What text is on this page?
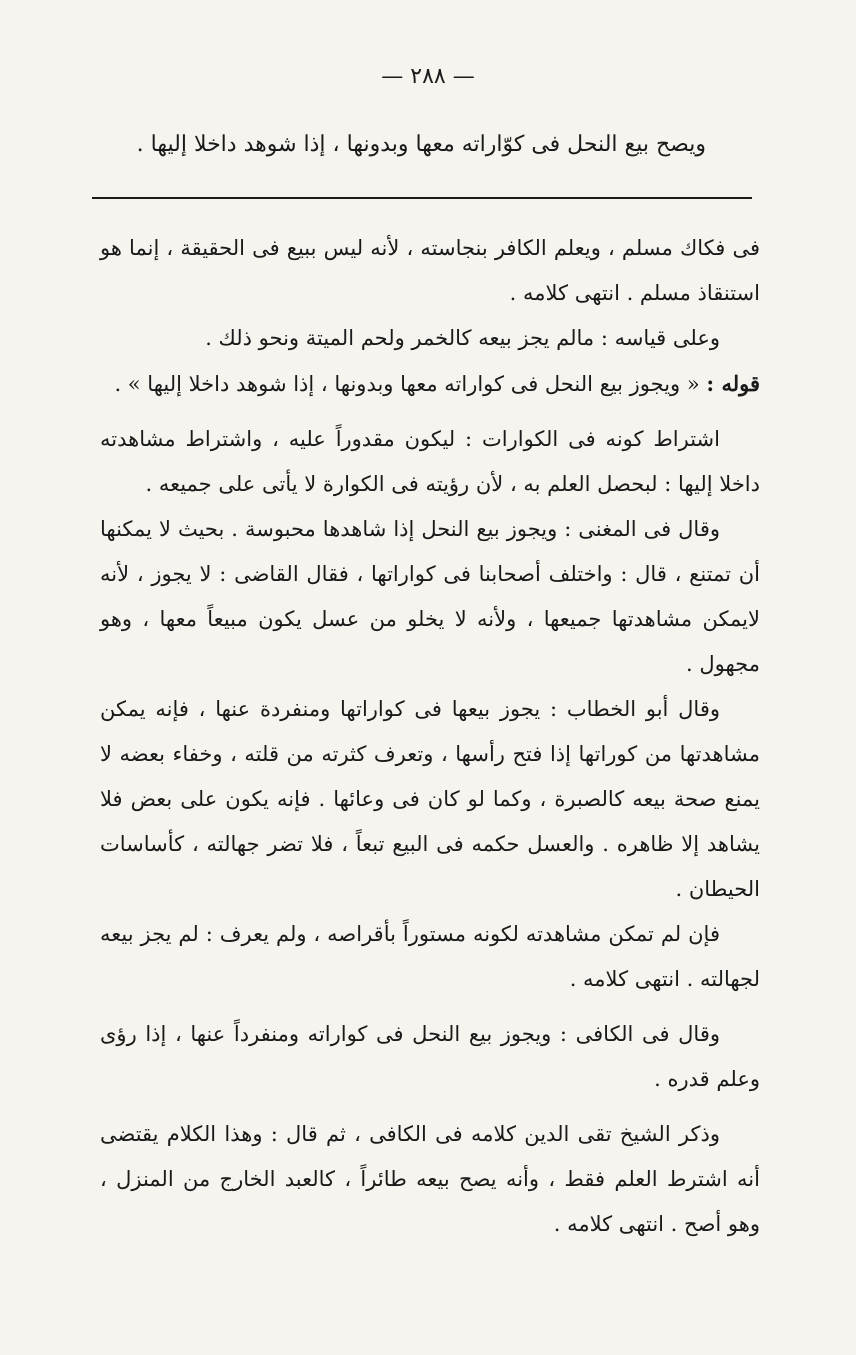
— ٢٨٨ —
ويصح بيع النحل فى كوّاراته معها وبدونها ، إذا شوهد داخلا إليها .

فى فكاك مسلم ، ويعلم الكافر بنجاسته ، لأنه ليس ببيع فى الحقيقة ، إنما هو استنقاذ مسلم . انتهى كلامه .

وعلى قياسه : مالم يجز بيعه كالخمر ولحم الميتة ونحو ذلك .

قوله : « ويجوز بيع النحل فى كواراته معها وبدونها ، إذا شوهد داخلا إليها » .

اشتراط كونه فى الكوارات : ليكون مقدوراً عليه ، واشتراط مشاهدته داخلا إليها : لبحصل العلم به ، لأن رؤيته فى الكوارة لا يأتى على جميعه .

وقال فى المغنى : ويجوز بيع النحل إذا شاهدها محبوسة . بحيث لا يمكنها أن تمتنع ، قال : واختلف أصحابنا فى كواراتها ، فقال القاضى : لا يجوز ، لأنه لايمكن مشاهدتها جميعها ، ولأنه لا يخلو من عسل يكون مبيعاً معها ، وهو مجهول .

وقال أبو الخطاب : يجوز بيعها فى كواراتها ومنفردة عنها ، فإنه يمكن مشاهدتها من كوراتها إذا فتح رأسها ، وتعرف كثرته من قلته ، وخفاء بعضه لا يمنع صحة بيعه كالصبرة ، وكما لو كان فى وعائها . فإنه يكون على بعض فلا يشاهد إلا ظاهره . والعسل حكمه فى البيع تبعاً ، فلا تضر جهالته ، كأساسات الحيطان .

فإن لم تمكن مشاهدته لكونه مستوراً بأقراصه ، ولم يعرف : لم يجز بيعه لجهالته . انتهى كلامه .

وقال فى الكافى : ويجوز بيع النحل فى كواراته ومنفرداً عنها ، إذا رؤى وعلم قدره .

وذكر الشيخ تقى الدين كلامه فى الكافى ، ثم قال : وهذا الكلام يقتضى أنه اشترط العلم فقط ، وأنه يصح بيعه طائراً ، كالعبد الخارج من المنزل ، وهو أصح . انتهى كلامه .
